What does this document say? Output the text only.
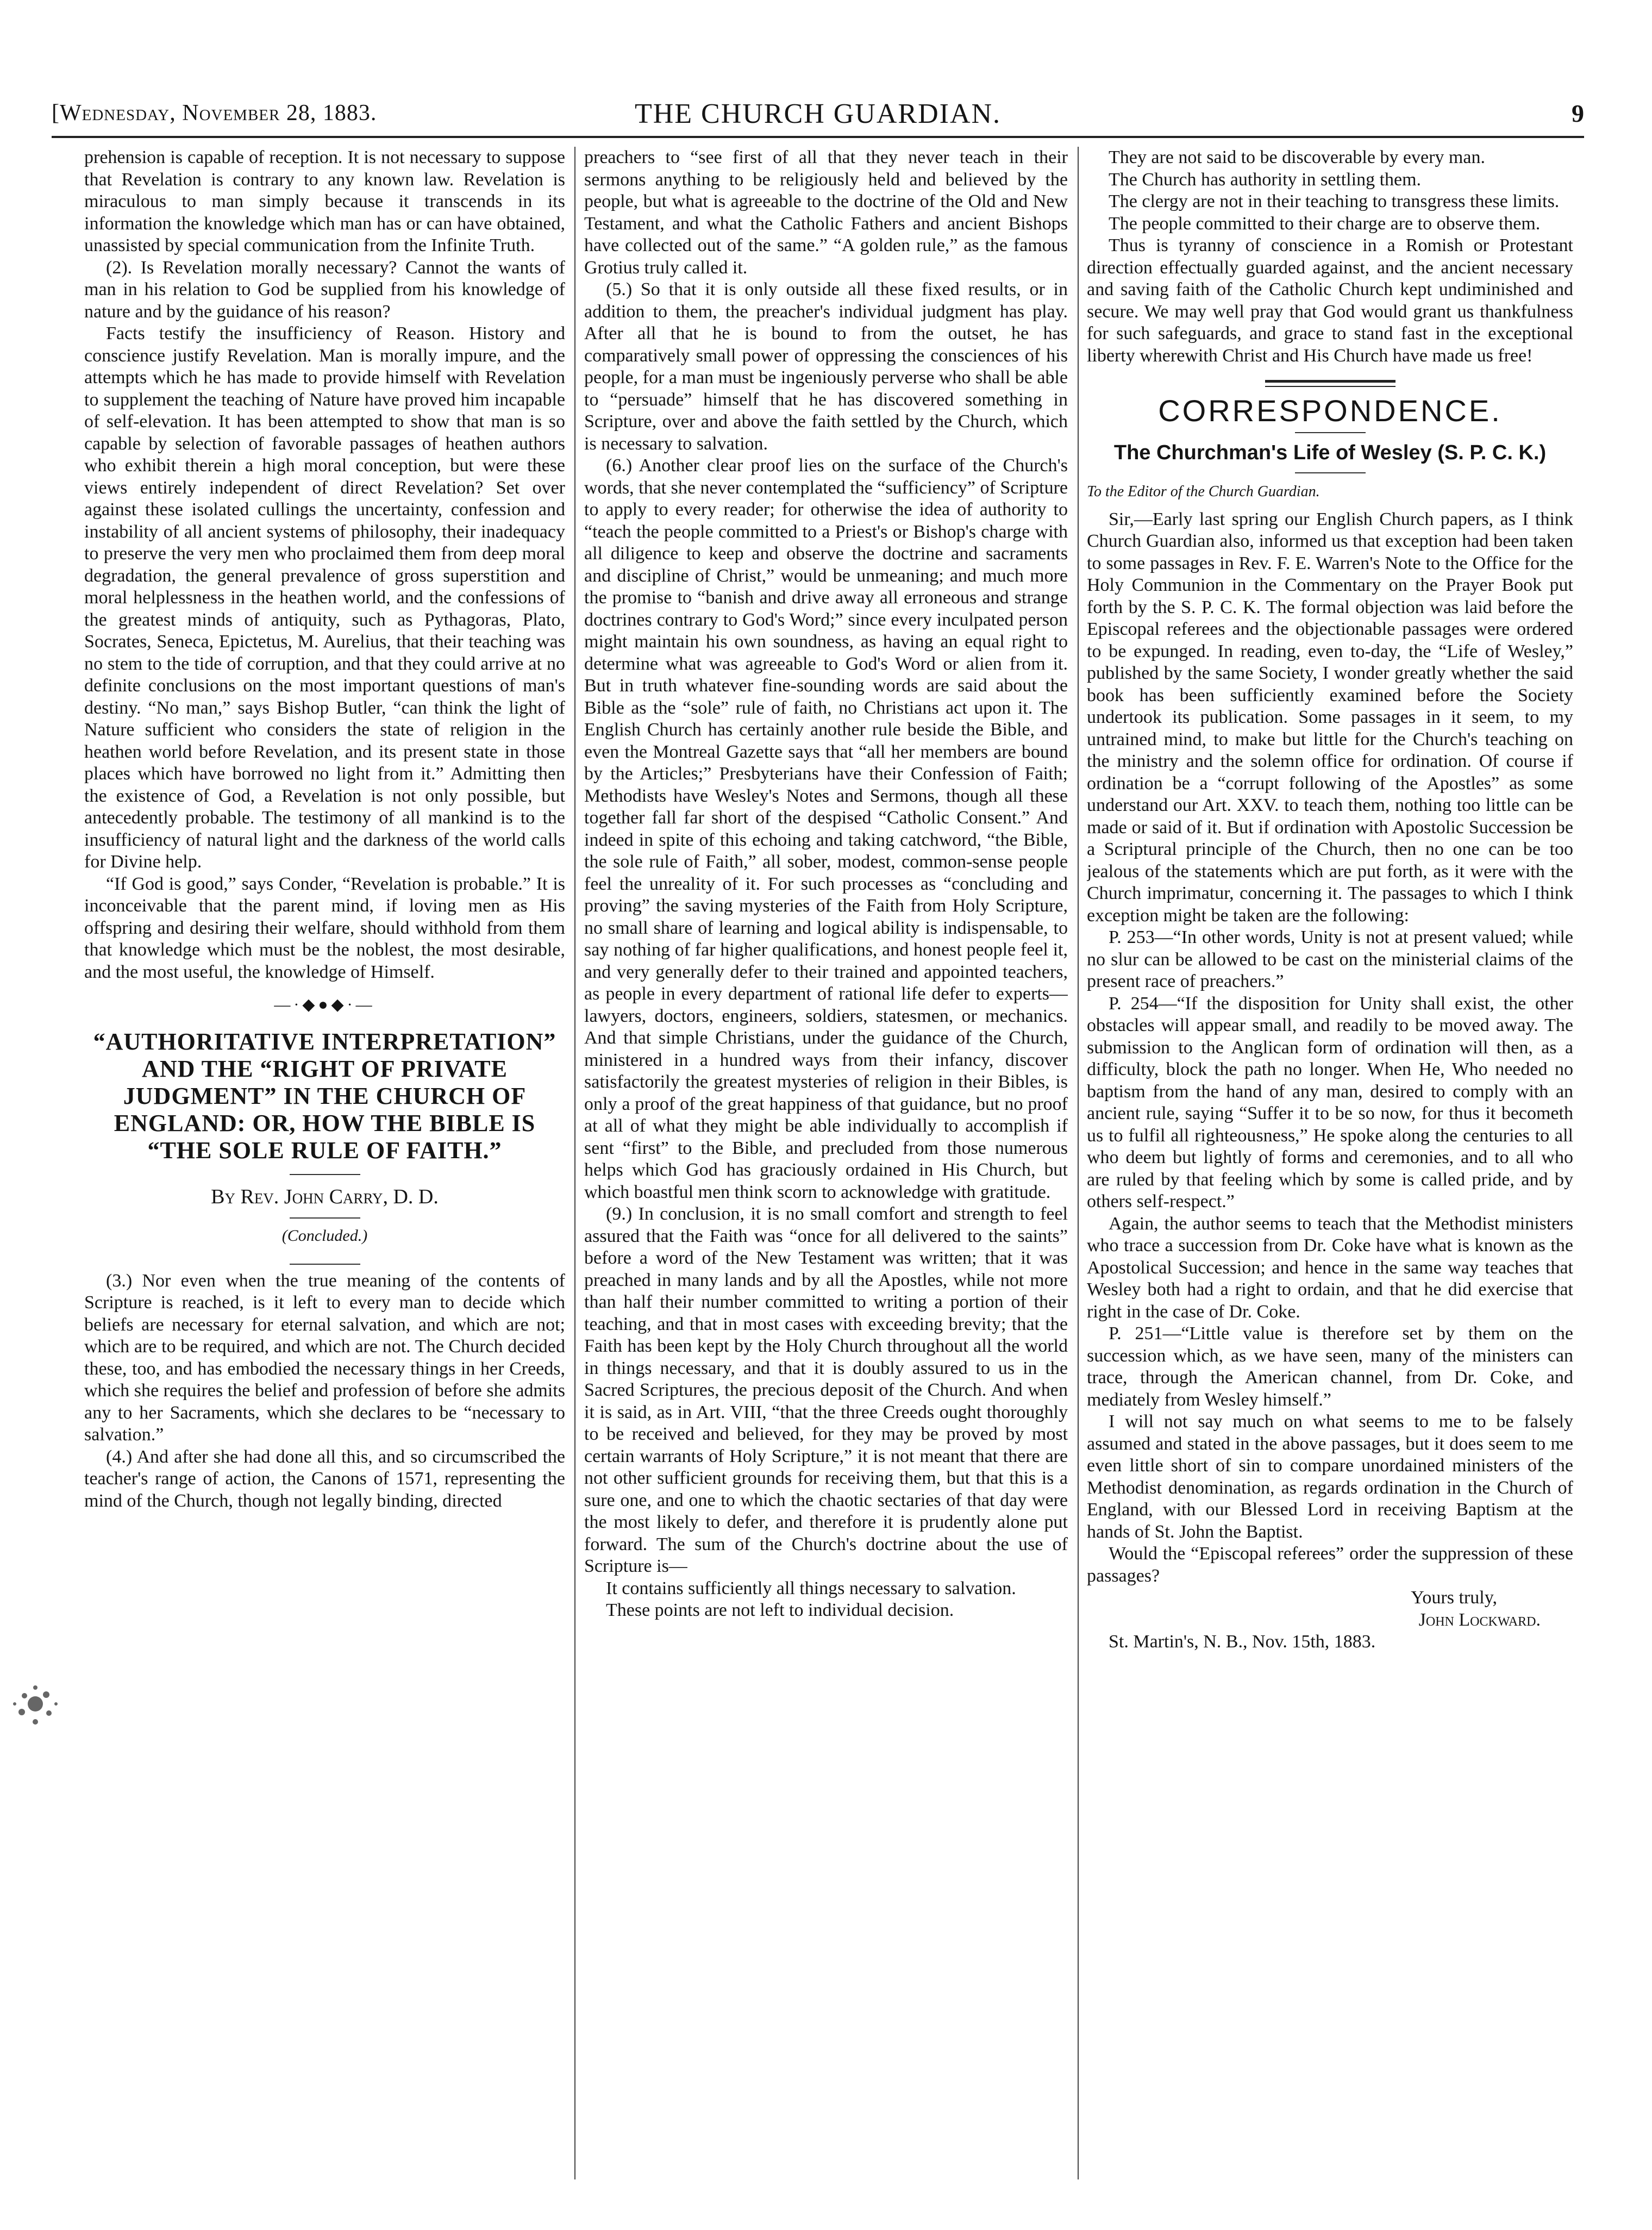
[Wednesday, November 28, 1883.	THE CHURCH GUARDIAN.	9

prehension is capable of reception. It is not necessary to suppose that Revelation is contrary to any known law. Revelation is miraculous to man simply because it transcends in its information the knowledge which man has or can have obtained, unassisted by special communication from the Infinite Truth.

(2). Is Revelation morally necessary? Cannot the wants of man in his relation to God be supplied from his knowledge of nature and by the guidance of his reason?

Facts testify the insufficiency of Reason. History and conscience justify Revelation. Man is morally impure, and the attempts which he has made to provide himself with Revelation to supplement the teaching of Nature have proved him incapable of self-elevation. It has been attempted to show that man is so capable by selection of favorable passages of heathen authors who exhibit therein a high moral conception, but were these views entirely independent of direct Revelation? Set over against these isolated cullings the uncertainty, confession and instability of all ancient systems of philosophy, their inadequacy to preserve the very men who proclaimed them from deep moral degradation, the general prevalence of gross superstition and moral helplessness in the heathen world, and the confessions of the greatest minds of antiquity, such as Pythagoras, Plato, Socrates, Seneca, Epictetus, M. Aurelius, that their teaching was no stem to the tide of corruption, and that they could arrive at no definite conclusions on the most important questions of man's destiny. “No man,” says Bishop Butler, “can think the light of Nature sufficient who considers the state of religion in the heathen world before Revelation, and its present state in those places which have borrowed no light from it.” Admitting then the existence of God, a Revelation is not only possible, but antecedently probable. The testimony of all mankind is to the insufficiency of natural light and the darkness of the world calls for Divine help.

“If God is good,” says Conder, “Revelation is probable.” It is inconceivable that the parent mind, if loving men as His offspring and desiring their welfare, should withhold from them that knowledge which must be the noblest, the most desirable, and the most useful, the knowledge of Himself.

—·◆●◆·—
“AUTHORITATIVE INTERPRETATION” AND THE “RIGHT OF PRIVATE JUDGMENT” IN THE CHURCH OF ENGLAND: OR, HOW THE BIBLE IS “THE SOLE RULE OF FAITH.”
By Rev. John Carry, D. D.
(Concluded.)

(3.) Nor even when the true meaning of the contents of Scripture is reached, is it left to every man to decide which beliefs are necessary for eternal salvation, and which are not; which are to be required, and which are not. The Church decided these, too, and has embodied the necessary things in her Creeds, which she requires the belief and profession of before she admits any to her Sacraments, which she declares to be “necessary to salvation.”

(4.) And after she had done all this, and so circumscribed the teacher's range of action, the Canons of 1571, representing the mind of the Church, though not legally binding, directed

preachers to “see first of all that they never teach in their sermons anything to be religiously held and believed by the people, but what is agreeable to the doctrine of the Old and New Testament, and what the Catholic Fathers and ancient Bishops have collected out of the same.” “A golden rule,” as the famous Grotius truly called it.

(5.) So that it is only outside all these fixed results, or in addition to them, the preacher's individual judgment has play. After all that he is bound to from the outset, he has comparatively small power of oppressing the consciences of his people, for a man must be ingeniously perverse who shall be able to “persuade” himself that he has discovered something in Scripture, over and above the faith settled by the Church, which is necessary to salvation.

(6.) Another clear proof lies on the surface of the Church's words, that she never contemplated the “sufficiency” of Scripture to apply to every reader; for otherwise the idea of authority to “teach the people committed to a Priest's or Bishop's charge with all diligence to keep and observe the doctrine and sacraments and discipline of Christ,” would be unmeaning; and much more the promise to “banish and drive away all erroneous and strange doctrines contrary to God's Word;” since every inculpated person might maintain his own soundness, as having an equal right to determine what was agreeable to God's Word or alien from it. But in truth whatever fine-sounding words are said about the Bible as the “sole” rule of faith, no Christians act upon it. The English Church has certainly another rule beside the Bible, and even the Montreal Gazette says that “all her members are bound by the Articles;” Presbyterians have their Confession of Faith; Methodists have Wesley's Notes and Sermons, though all these together fall far short of the despised “Catholic Consent.” And indeed in spite of this echoing and taking catchword, “the Bible, the sole rule of Faith,” all sober, modest, common-sense people feel the unreality of it. For such processes as “concluding and proving” the saving mysteries of the Faith from Holy Scripture, no small share of learning and logical ability is indispensable, to say nothing of far higher qualifications, and honest people feel it, and very generally defer to their trained and appointed teachers, as people in every department of rational life defer to experts—lawyers, doctors, engineers, soldiers, statesmen, or mechanics. And that simple Christians, under the guidance of the Church, ministered in a hundred ways from their infancy, discover satisfactorily the greatest mysteries of religion in their Bibles, is only a proof of the great happiness of that guidance, but no proof at all of what they might be able individually to accomplish if sent “first” to the Bible, and precluded from those numerous helps which God has graciously ordained in His Church, but which boastful men think scorn to acknowledge with gratitude.

(9.) In conclusion, it is no small comfort and strength to feel assured that the Faith was “once for all delivered to the saints” before a word of the New Testament was written; that it was preached in many lands and by all the Apostles, while not more than half their number committed to writing a portion of their teaching, and that in most cases with exceeding brevity; that the Faith has been kept by the Holy Church throughout all the world in things necessary, and that it is doubly assured to us in the Sacred Scriptures, the precious deposit of the Church. And when it is said, as in Art. VIII, “that the three Creeds ought thoroughly to be received and believed, for they may be proved by most certain warrants of Holy Scripture,” it is not meant that there are not other sufficient grounds for receiving them, but that this is a sure one, and one to which the chaotic sectaries of that day were the most likely to defer, and therefore it is prudently alone put forward. The sum of the Church's doctrine about the use of Scripture is—

It contains sufficiently all things necessary to salvation.

These points are not left to individual decision.

They are not said to be discoverable by every man.

The Church has authority in settling them.

The clergy are not in their teaching to transgress these limits.

The people committed to their charge are to observe them.

Thus is tyranny of conscience in a Romish or Protestant direction effectually guarded against, and the ancient necessary and saving faith of the Catholic Church kept undiminished and secure. We may well pray that God would grant us thankfulness for such safeguards, and grace to stand fast in the exceptional liberty wherewith Christ and His Church have made us free!

CORRESPONDENCE.
The Churchman's Life of Wesley (S. P. C. K.)
To the Editor of the Church Guardian.

Sir,—Early last spring our English Church papers, as I think Church Guardian also, informed us that exception had been taken to some passages in Rev. F. E. Warren's Note to the Office for the Holy Communion in the Commentary on the Prayer Book put forth by the S. P. C. K. The formal objection was laid before the Episcopal referees and the objectionable passages were ordered to be expunged. In reading, even to-day, the “Life of Wesley,” published by the same Society, I wonder greatly whether the said book has been sufficiently examined before the Society undertook its publication. Some passages in it seem, to my untrained mind, to make but little for the Church's teaching on the ministry and the solemn office for ordination. Of course if ordination be a “corrupt following of the Apostles” as some understand our Art. XXV. to teach them, nothing too little can be made or said of it. But if ordination with Apostolic Succession be a Scriptural principle of the Church, then no one can be too jealous of the statements which are put forth, as it were with the Church imprimatur, concerning it. The passages to which I think exception might be taken are the following:

P. 253—“In other words, Unity is not at present valued; while no slur can be allowed to be cast on the ministerial claims of the present race of preachers.”

P. 254—“If the disposition for Unity shall exist, the other obstacles will appear small, and readily to be moved away. The submission to the Anglican form of ordination will then, as a difficulty, block the path no longer. When He, Who needed no baptism from the hand of any man, desired to comply with an ancient rule, saying “Suffer it to be so now, for thus it becometh us to fulfil all righteousness,” He spoke along the centuries to all who deem but lightly of forms and ceremonies, and to all who are ruled by that feeling which by some is called pride, and by others self-respect.”

Again, the author seems to teach that the Methodist ministers who trace a succession from Dr. Coke have what is known as the Apostolical Succession; and hence in the same way teaches that Wesley both had a right to ordain, and that he did exercise that right in the case of Dr. Coke.

P. 251—“Little value is therefore set by them on the succession which, as we have seen, many of the ministers can trace, through the American channel, from Dr. Coke, and mediately from Wesley himself.”

I will not say much on what seems to me to be falsely assumed and stated in the above passages, but it does seem to me even little short of sin to compare unordained ministers of the Methodist denomination, as regards ordination in the Church of England, with our Blessed Lord in receiving Baptism at the hands of St. John the Baptist.

Would the “Episcopal referees” order the suppression of these passages?

Yours truly,

John Lockward.

St. Martin's, N. B., Nov. 15th, 1883.
